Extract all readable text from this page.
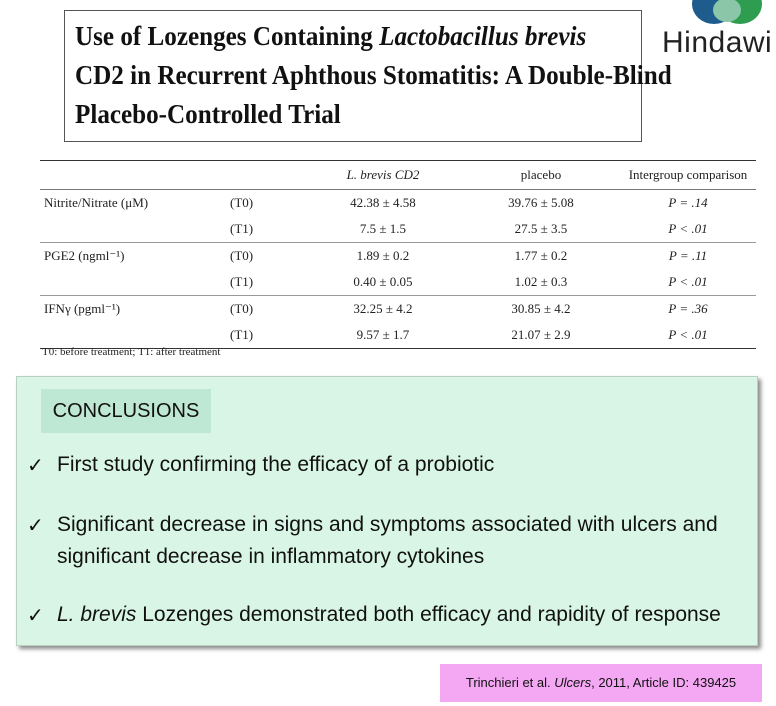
Use of Lozenges Containing Lactobacillus brevis
CD2 in Recurrent Aphthous Stomatitis: A Double-Blind
Placebo-Controlled Trial
Hindawi
		L. brevis CD2	placebo	Intergroup comparison
Nitrite/Nitrate (μM)	(T0)	42.38 ± 4.58	39.76 ± 5.08	P = .14
	(T1)	7.5 ± 1.5	27.5 ± 3.5	P < .01
PGE2 (ngml⁻¹)	(T0)	1.89 ± 0.2	1.77 ± 0.2	P = .11
	(T1)	0.40 ± 0.05	1.02 ± 0.3	P < .01
IFNγ (pgml⁻¹)	(T0)	32.25 ± 4.2	30.85 ± 4.2	P = .36
	(T1)	9.57 ± 1.7	21.07 ± 2.9	P < .01
T0: before treatment; T1: after treatment
CONCLUSIONS
✓ First study confirming the efficacy of a probiotic
✓ Significant decrease in signs and symptoms associated with ulcers and significant decrease in inflammatory cytokines
✓ L. brevis Lozenges demonstrated both efficacy and rapidity of response
Trinchieri et al. Ulcers, 2011, Article ID: 439425
